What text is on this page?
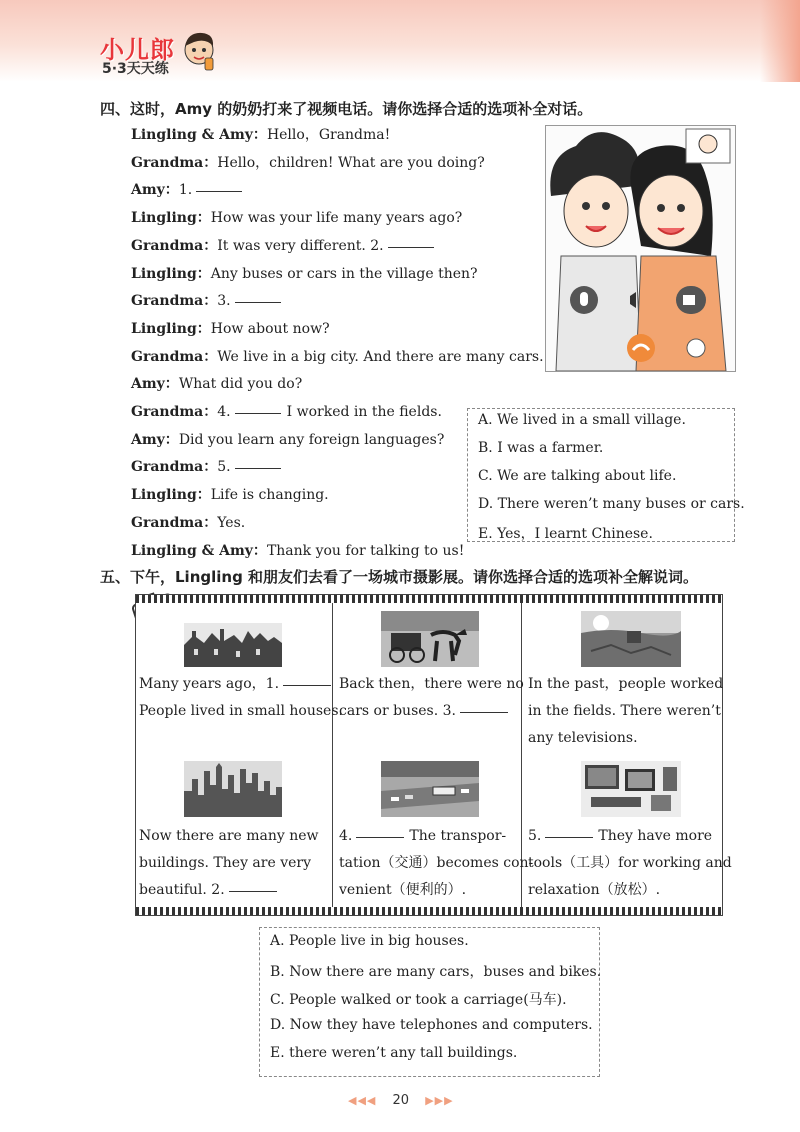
小儿郎
5·3天天练
四、这时，Amy 的奶奶打来了视频电话。请你选择合适的选项补全对话。
Lingling & Amy：Hello，Grandma!
Grandma：Hello，children! What are you doing?
Amy：1.
Lingling：How was your life many years ago?
Grandma：It was very different. 2.
Lingling：Any buses or cars in the village then?
Grandma：3.
Lingling：How about now?
Grandma：We live in a big city. And there are many cars.
Amy：What did you do?
Grandma：4.	I worked in the fields.
Amy：Did you learn any foreign languages?
Grandma：5.
Lingling：Life is changing.
Grandma：Yes.
Lingling & Amy：Thank you for talking to us!
A. We lived in a small village.
B. I was a farmer.
C. We are talking about life.
D. There weren’t many buses or cars.
E. Yes，I learnt Chinese.
五、下午，Lingling 和朋友们去看了一场城市摄影展。请你选择合适的选项补全解说词。
Many years ago，1.
People lived in small houses.
Back then，there were no
cars or buses. 3.
In the past，people worked
in the fields. There weren’t
any televisions.
Now there are many new
buildings. They are very
beautiful. 2.
4.	The transpor-
tation（交通）becomes con-
venient（便利的）.
5.	They have more
tools（工具）for working and
relaxation（放松）.
A. People live in big houses.
B. Now there are many cars，buses and bikes.
C. People walked or took a carriage(马车).
D. Now they have telephones and computers.
E. there weren’t any tall buildings.
◀◀◀ 20 ▶▶▶
